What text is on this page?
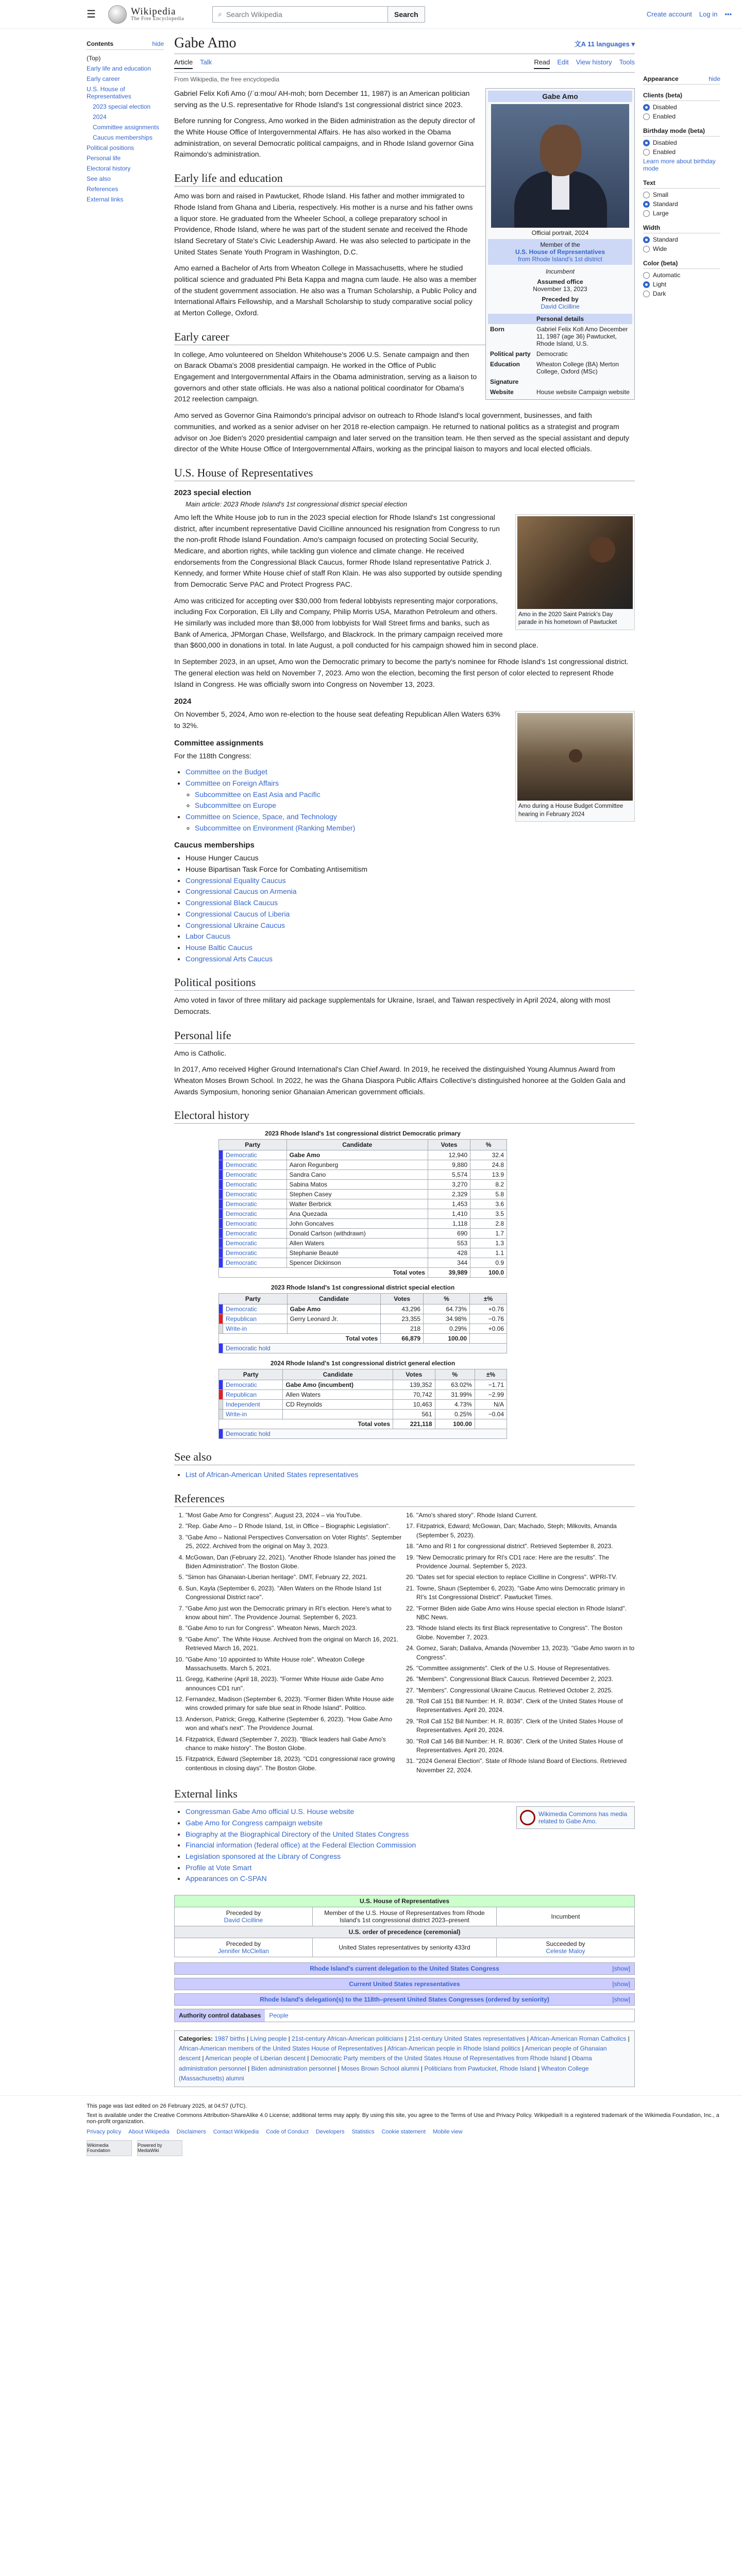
☰	Wikipedia
The Free Encyclopedia
⌕ Search Wikipedia	Search	Create account Log in •••
Contents	hide
(Top)
Early life and education
Early career
U.S. House of Representatives
2023 special election
2024
Committee assignments
Caucus memberships
Political positions
Personal life
Electoral history
See also
References
External links
Gabe Amo	文A 11 languages ▾
Article Talk	Read Edit View history Tools
From Wikipedia, the free encyclopedia
Gabe Amo
Official portrait, 2024
Member of the
U.S. House of Representatives
from Rhode Island's 1st district
Incumbent
Assumed office
November 13, 2023
Preceded by
David Cicilline
Personal details
Born	Gabriel Felix Kofi Amo December 11, 1987 (age 36) Pawtucket, Rhode Island, U.S.
Political party Democratic
Education	Wheaton College (BA) Merton College, Oxford (MSc)
Signature
Website	House website Campaign website

Gabriel Felix Kofi Amo (/ˈɑːmoʊ/ AH-moh; born December 11, 1987) is an American politician serving as the U.S. representative for Rhode Island's 1st congressional district since 2023.

Before running for Congress, Amo worked in the Biden administration as the deputy director of the White House Office of Intergovernmental Affairs. He has also worked in the Obama administration, on several Democratic political campaigns, and in Rhode Island governor Gina Raimondo's administration.

Early life and education

Amo was born and raised in Pawtucket, Rhode Island. His father and mother immigrated to Rhode Island from Ghana and Liberia, respectively. His mother is a nurse and his father owns a liquor store. He graduated from the Wheeler School, a college preparatory school in Providence, Rhode Island, where he was part of the student senate and received the Rhode Island Secretary of State's Civic Leadership Award. He was also selected to participate in the United States Senate Youth Program in Washington, D.C.

Amo earned a Bachelor of Arts from Wheaton College in Massachusetts, where he studied political science and graduated Phi Beta Kappa and magna cum laude. He also was a member of the student government association. He also was a Truman Scholarship, a Public Policy and International Affairs Fellowship, and a Marshall Scholarship to study comparative social policy at Merton College, Oxford.

Early career

In college, Amo volunteered on Sheldon Whitehouse's 2006 U.S. Senate campaign and then on Barack Obama's 2008 presidential campaign. He worked in the Office of Public Engagement and Intergovernmental Affairs in the Obama administration, serving as a liaison to governors and other state officials. He was also a national political coordinator for Obama's 2012 reelection campaign.

Amo served as Governor Gina Raimondo's principal advisor on outreach to Rhode Island's local government, businesses, and faith communities, and worked as a senior adviser on her 2018 re-election campaign. He returned to national politics as a strategist and program advisor on Joe Biden's 2020 presidential campaign and later served on the transition team. He then served as the special assistant and deputy director of the White House Office of Intergovernmental Affairs, working as the principal liaison to mayors and local elected officials.

U.S. House of Representatives
2023 special election
Main article: 2023 Rhode Island's 1st congressional district special election
Amo in the 2020 Saint Patrick's Day parade in his hometown of Pawtucket

Amo left the White House job to run in the 2023 special election for Rhode Island's 1st congressional district, after incumbent representative David Cicilline announced his resignation from Congress to run the non-profit Rhode Island Foundation. Amo's campaign focused on protecting Social Security, Medicare, and abortion rights, while tackling gun violence and climate change. He received endorsements from the Congressional Black Caucus, former Rhode Island representative Patrick J. Kennedy, and former White House chief of staff Ron Klain. He was also supported by outside spending from Democratic Serve PAC and Protect Progress PAC.

Amo was criticized for accepting over $30,000 from federal lobbyists representing major corporations, including Fox Corporation, Eli Lilly and Company, Philip Morris USA, Marathon Petroleum and others. He similarly was included more than $8,000 from lobbyists for Wall Street firms and banks, such as Bank of America, JPMorgan Chase, Wellsfargo, and Blackrock. In the primary campaign received more than $600,000 in donations in total. In late August, a poll conducted for his campaign showed him in second place.

In September 2023, in an upset, Amo won the Democratic primary to become the party's nominee for Rhode Island's 1st congressional district. The general election was held on November 7, 2023. Amo won the election, becoming the first person of color elected to represent Rhode Island in Congress. He was officially sworn into Congress on November 13, 2023.

2024
Amo during a House Budget Committee hearing in February 2024

On November 5, 2024, Amo won re-election to the house seat defeating Republican Allen Waters 63% to 32%.

Committee assignments

For the 118th Congress:

• Committee on the Budget
• Committee on Foreign Affairs
◦ Subcommittee on East Asia and Pacific
◦ Subcommittee on Europe
• Committee on Science, Space, and Technology
◦ Subcommittee on Environment (Ranking Member)
Caucus memberships
• House Hunger Caucus
• House Bipartisan Task Force for Combating Antisemitism
• Congressional Equality Caucus
• Congressional Caucus on Armenia
• Congressional Black Caucus
• Congressional Caucus of Liberia
• Congressional Ukraine Caucus
• Labor Caucus
• House Baltic Caucus
• Congressional Arts Caucus
Political positions

Amo voted in favor of three military aid package supplementals for Ukraine, Israel, and Taiwan respectively in April 2024, along with most Democrats.

Personal life

Amo is Catholic.

In 2017, Amo received Higher Ground International's Clan Chief Award. In 2019, he received the distinguished Young Alumnus Award from Wheaton Moses Brown School. In 2022, he was the Ghana Diaspora Public Affairs Collective's distinguished honoree at the Golden Gala and Awards Symposium, honoring senior Ghanaian American government officials.

Electoral history
2023 Rhode Island's 1st congressional district Democratic primary
Party		Candidate	Votes	%
	Democratic	Gabe Amo	12,940	32.4
	Democratic	Aaron Regunberg	9,880	24.8
	Democratic	Sandra Cano	5,574	13.9
	Democratic	Sabina Matos	3,270	8.2
	Democratic	Stephen Casey	2,329	5.8
	Democratic	Walter Berbrick	1,453	3.6
	Democratic	Ana Quezada	1,410	3.5
	Democratic	John Goncalves	1,118	2.8
	Democratic	Donald Carlson (withdrawn)	690	1.7
	Democratic	Allen Waters	553	1.3
	Democratic	Stephanie Beauté	428	1.1
	Democratic	Spencer Dickinson	344	0.9
Total votes			39,989	100.0
2023 Rhode Island's 1st congressional district special election
Party		Candidate	Votes	%	±%
	Democratic	Gabe Amo	43,296	64.73%	+0.76
	Republican	Gerry Leonard Jr.	23,355	34.98%	−0.76
	Write-in		218	0.29%	+0.06
Total votes			66,879	100.00	
	Democratic hold				
2024 Rhode Island's 1st congressional district general election
Party		Candidate	Votes	%	±%
	Democratic	Gabe Amo (incumbent)	139,352	63.02%	−1.71
	Republican	Allen Waters	70,742	31.99%	−2.99
	Independent	CD Reynolds	10,463	4.73%	N/A
	Write-in		561	0.25%	−0.04
Total votes			221,118	100.00	
	Democratic hold				
See also
• List of African-American United States representatives
References
1. "Most Gabe Amo for Congress". August 23, 2024 – via YouTube.
2. "Rep. Gabe Amo – D Rhode Island, 1st, in Office – Biographic Legislation".
3. "Gabe Amo – National Perspectives Conversation on Voter Rights". September 25, 2022. Archived from the original on May 3, 2023.
4. McGowan, Dan (February 22, 2021). "Another Rhode Islander has joined the Biden Administration". The Boston Globe.
5. "Simon has Ghanaian-Liberian heritage". DMT, February 22, 2021.
6. Sun, Kayla (September 6, 2023). "Allen Waters on the Rhode Island 1st Congressional District race".
7. "Gabe Amo just won the Democratic primary in RI's election. Here's what to know about him". The Providence Journal. September 6, 2023.
8. "Gabe Amo to run for Congress". Wheaton News, March 2023.
9. "Gabe Amo". The White House. Archived from the original on March 16, 2021. Retrieved March 16, 2021.
10. "Gabe Amo '10 appointed to White House role". Wheaton College Massachusetts. March 5, 2021.
11. Gregg, Katherine (April 18, 2023). "Former White House aide Gabe Amo announces CD1 run".
12. Fernandez, Madison (September 6, 2023). "Former Biden White House aide wins crowded primary for safe blue seat in Rhode Island". Politico.
13. Anderson, Patrick; Gregg, Katherine (September 6, 2023). "How Gabe Amo won and what's next". The Providence Journal.
14. Fitzpatrick, Edward (September 7, 2023). "Black leaders hail Gabe Amo's chance to make history". The Boston Globe.
15. Fitzpatrick, Edward (September 18, 2023). "CD1 congressional race growing contentious in closing days". The Boston Globe.
16. "Amo's shared story". Rhode Island Current.
17. Fitzpatrick, Edward; McGowan, Dan; Machado, Steph; Milkovits, Amanda (September 5, 2023).
18. "Amo and RI 1 for congressional district". Retrieved September 8, 2023.
19. "New Democratic primary for RI's CD1 race: Here are the results". The Providence Journal. September 5, 2023.
20. "Dates set for special election to replace Cicilline in Congress". WPRI-TV.
21. Towne, Shaun (September 6, 2023). "Gabe Amo wins Democratic primary in RI's 1st Congressional District". Pawtucket Times.
22. "Former Biden aide Gabe Amo wins House special election in Rhode Island". NBC News.
23. "Rhode Island elects its first Black representative to Congress". The Boston Globe. November 7, 2023.
24. Gomez, Sarah; Dallalva, Amanda (November 13, 2023). "Gabe Amo sworn in to Congress".
25. "Committee assignments". Clerk of the U.S. House of Representatives.
26. "Members". Congressional Black Caucus. Retrieved December 2, 2023.
27. "Members". Congressional Ukraine Caucus. Retrieved October 2, 2025.
28. "Roll Call 151 Bill Number: H. R. 8034". Clerk of the United States House of Representatives. April 20, 2024.
29. "Roll Call 152 Bill Number: H. R. 8035". Clerk of the United States House of Representatives. April 20, 2024.
30. "Roll Call 146 Bill Number: H. R. 8036". Clerk of the United States House of Representatives. April 20, 2024.
31. "2024 General Election". State of Rhode Island Board of Elections. Retrieved November 22, 2024.
External links
Wikimedia Commons has media related to Gabe Amo.
• Congressman Gabe Amo official U.S. House website
• Gabe Amo for Congress campaign website
• Biography at the Biographical Directory of the United States Congress
• Financial information (federal office) at the Federal Election Commission
• Legislation sponsored at the Library of Congress
• Profile at Vote Smart
• Appearances on C-SPAN
U.S. House of Representatives		
Preceded by
David Cicilline	Member of the U.S. House of Representatives from Rhode Island's 1st congressional district 2023–present	Incumbent
U.S. order of precedence (ceremonial)		
Preceded by
Jennifer McClellan	United States representatives by seniority 433rd	Succeeded by
Celeste Maloy
Rhode Island's current delegation to the United States Congress	[show]
Current United States representatives	[show]
Rhode Island's delegation(s) to the 118th–present United States Congresses (ordered by seniority)	[show]
Authority control databases	People
Categories: 1987 births | Living people | 21st-century African-American politicians | 21st-century United States representatives | African-American Roman Catholics | African-American members of the United States House of Representatives | African-American people in Rhode Island politics | American people of Ghanaian descent | American people of Liberian descent | Democratic Party members of the United States House of Representatives from Rhode Island | Obama administration personnel | Biden administration personnel | Moses Brown School alumni | Politicians from Pawtucket, Rhode Island | Wheaton College (Massachusetts) alumni
Appearance	hide
Clients (beta)
Disabled
Enabled
Birthday mode (beta)
Disabled
Enabled
Learn more about birthday mode
Text
Small
Standard
Large
Width
Standard
Wide
Color (beta)
Automatic
Light
Dark
This page was last edited on 26 February 2025, at 04:57 (UTC).
Text is available under the Creative Commons Attribution-ShareAlike 4.0 License; additional terms may apply. By using this site, you agree to the Terms of Use and Privacy Policy. Wikipedia® is a registered trademark of the Wikimedia Foundation, Inc., a non-profit organization.
Privacy policy About Wikipedia Disclaimers Contact Wikipedia Code of Conduct Developers Statistics Cookie statement Mobile view
Wikimedia Foundation
Powered by MediaWiki
